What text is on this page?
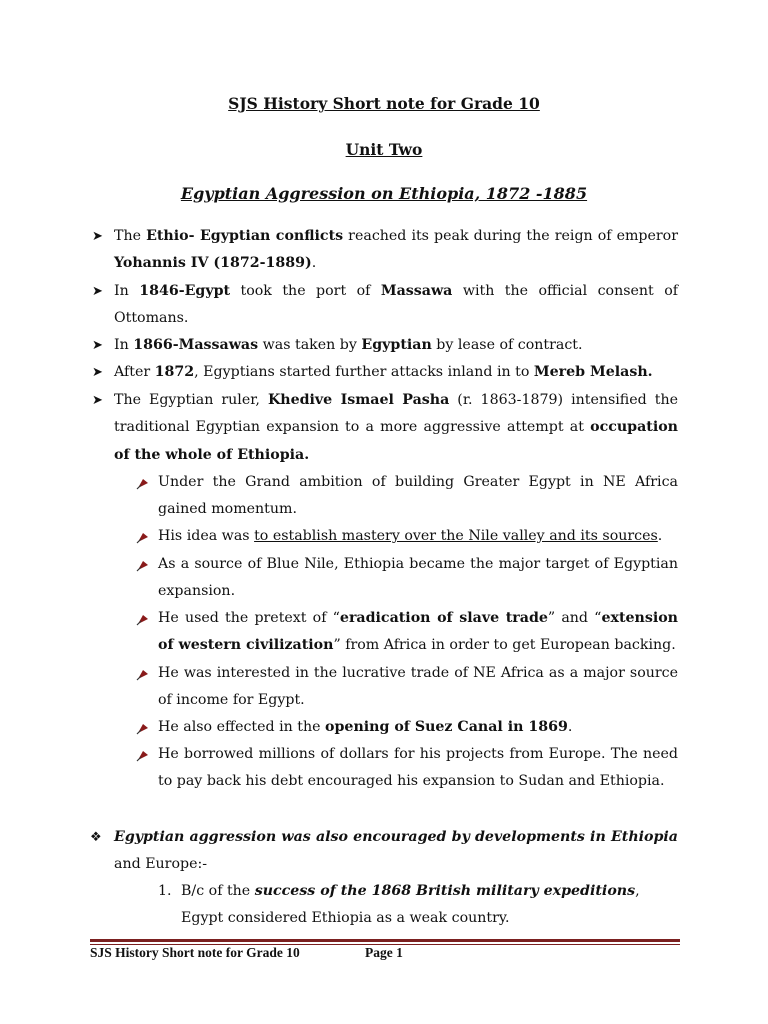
SJS History Short note for Grade 10
Unit Two
Egyptian Aggression on Ethiopia, 1872 -1885
➤ The Ethio- Egyptian conflicts reached its peak during the reign of emperor Yohannis IV (1872-1889).
➤ In 1846-Egypt took the port of Massawa with the official consent of Ottomans.
➤ In 1866-Massawas was taken by Egyptian by lease of contract.
➤ After 1872, Egyptians started further attacks inland in to Mereb Melash.
➤ The Egyptian ruler, Khedive Ismael Pasha (r. 1863-1879) intensified the traditional Egyptian expansion to a more aggressive attempt at occupation of the whole of Ethiopia.
Under the Grand ambition of building Greater Egypt in NE Africa gained momentum.
His idea was to establish mastery over the Nile valley and its sources.
As a source of Blue Nile, Ethiopia became the major target of Egyptian expansion.
He used the pretext of “eradication of slave trade” and “extension of western civilization” from Africa in order to get European backing.
He was interested in the lucrative trade of NE Africa as a major source of income for Egypt.
He also effected in the opening of Suez Canal in 1869.
He borrowed millions of dollars for his projects from Europe. The need to pay back his debt encouraged his expansion to Sudan and Ethiopia.
❖ Egyptian aggression was also encouraged by developments in Ethiopia and Europe:-
1. B/c of the success of the 1868 British military expeditions, Egypt considered Ethiopia as a weak country.
SJS History Short note for Grade 10	Page 1
